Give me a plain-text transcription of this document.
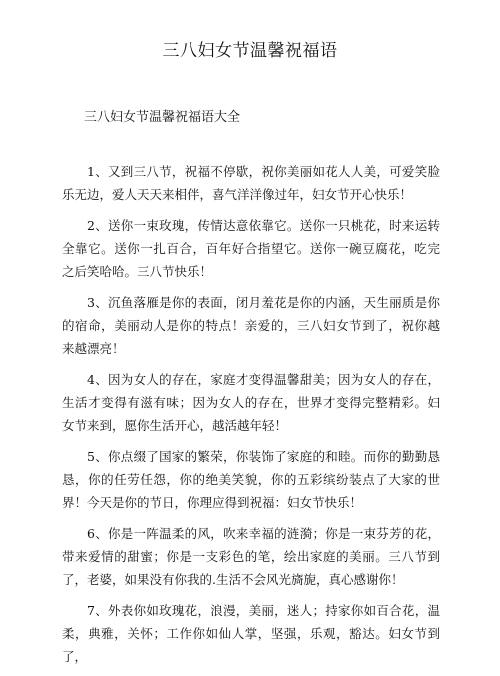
三八妇女节温馨祝福语
三八妇女节温馨祝福语大全

1、又到三八节，祝福不停歇，祝你美丽如花人人美，可爱笑脸 乐无边，爱人天天来相伴，喜气洋洋像过年，妇女节开心快乐！

2、送你一束玫瑰，传情达意依靠它。送你一只桃花，时来运转 全靠它。送你一扎百合，百年好合指望它。送你一碗豆腐花，吃完 之后笑哈哈。三八节快乐！

3、沉鱼落雁是你的表面，闭月羞花是你的内涵，天生丽质是你 的宿命，美丽动人是你的特点！亲爱的，三八妇女节到了，祝你越 来越漂亮！

4、因为女人的存在，家庭才变得温馨甜美；因为女人的存在， 生活才变得有滋有味；因为女人的存在，世界才变得完整精彩。妇 女节来到，愿你生活开心，越活越年轻！

5、你点缀了国家的繁荣，你装饰了家庭的和睦。而你的勤勤恳恳，你的任劳任怨，你的绝美笑貌，你的五彩缤纷装点了大家的世 界！今天是你的节日，你理应得到祝福：妇女节快乐！

6、你是一阵温柔的风，吹来幸福的涟漪；你是一束芬芳的花， 带来爱情的甜蜜；你是一支彩色的笔，绘出家庭的美丽。三八节到 了，老婆，如果没有你我的.生活不会风光旖旎，真心感谢你！

7、外表你如玫瑰花，浪漫，美丽，迷人；持家你如百合花，温柔，典雅，关怀；工作你如仙人掌，坚强，乐观，豁达。妇女节到 了，
